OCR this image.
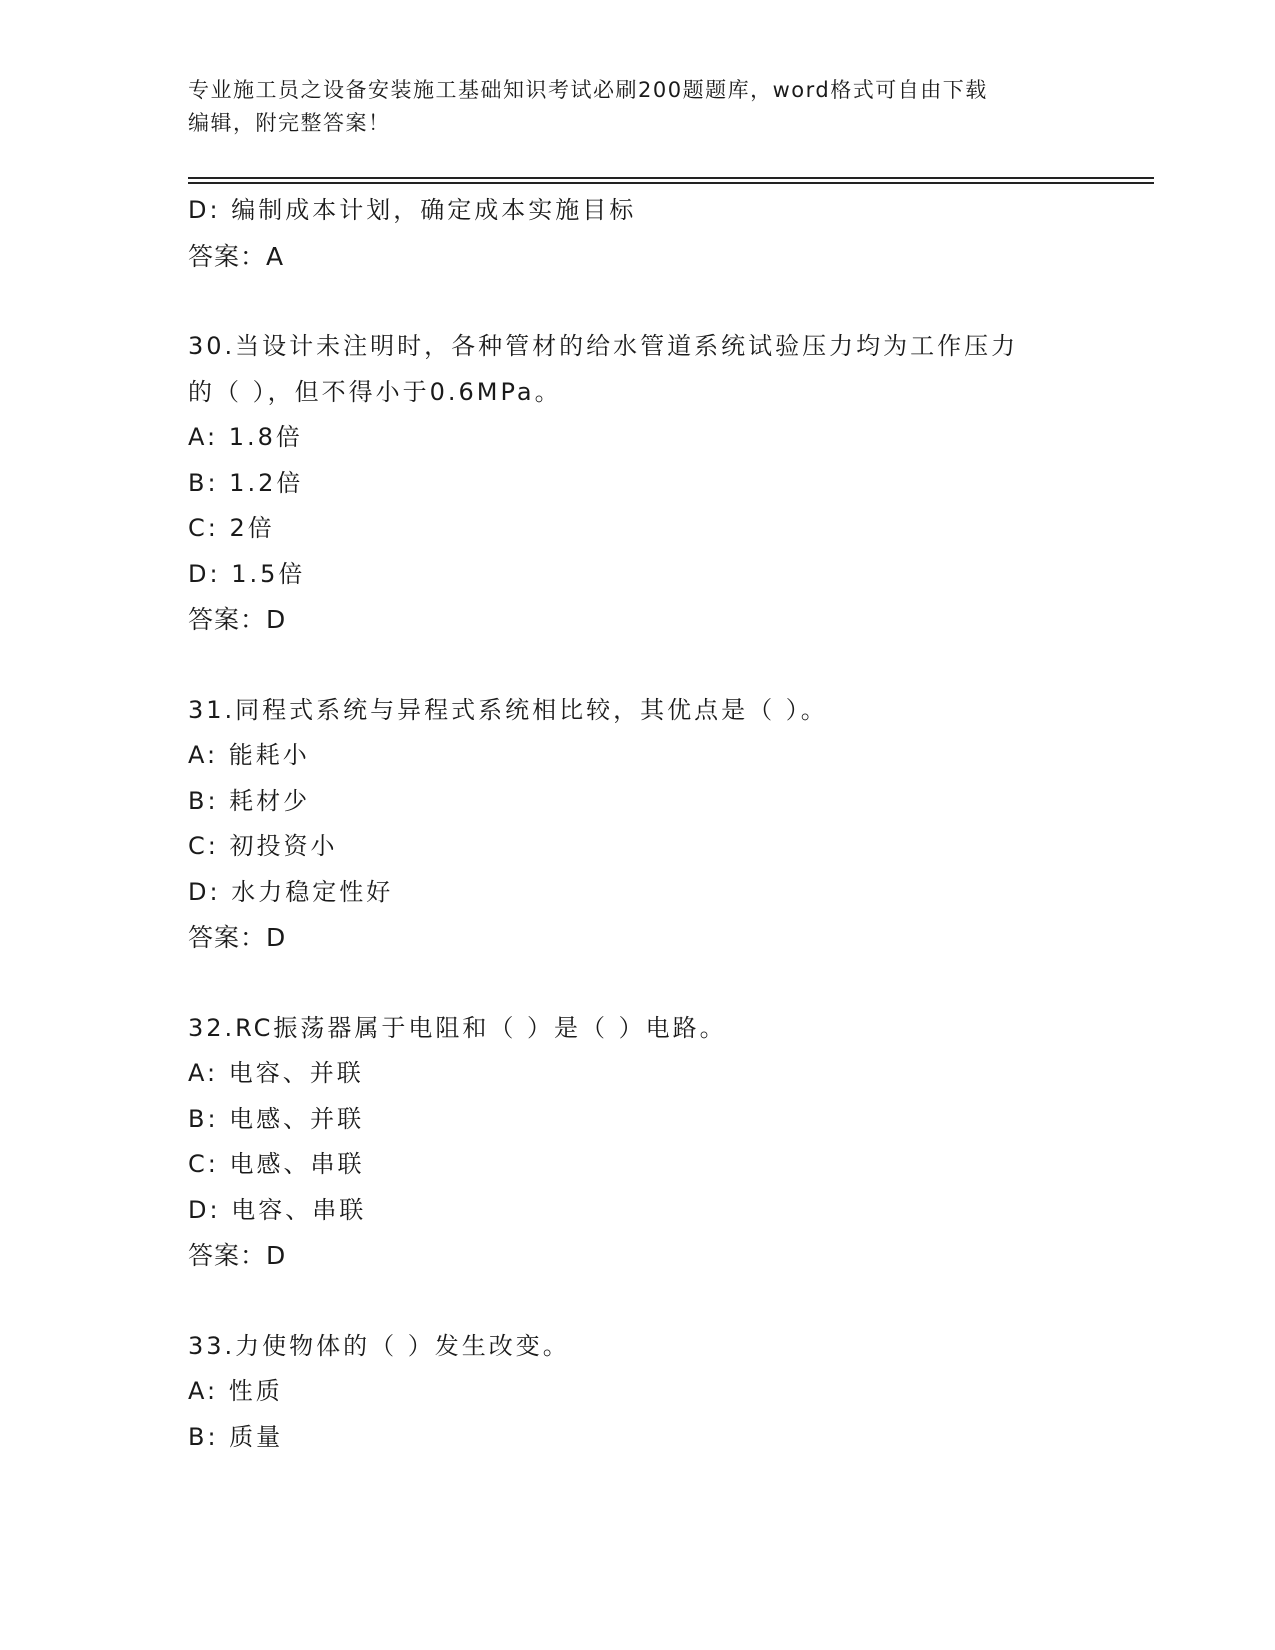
专业施工员之设备安装施工基础知识考试必刷200题题库，word格式可自由下载
编辑，附完整答案！
D: 编制成本计划，确定成本实施目标
答案：A
30.当设计未注明时，各种管材的给水管道系统试验压力均为工作压力
的（ ），但不得小于0.6MPa。
A: 1.8倍
B: 1.2倍
C: 2倍
D: 1.5倍
答案：D
31.同程式系统与异程式系统相比较，其优点是（ ）。
A: 能耗小
B: 耗材少
C: 初投资小
D: 水力稳定性好
答案：D
32.RC振荡器属于电阻和（ ）是（ ）电路。
A: 电容、并联
B: 电感、并联
C: 电感、串联
D: 电容、串联
答案：D
33.力使物体的（ ）发生改变。
A: 性质
B: 质量
